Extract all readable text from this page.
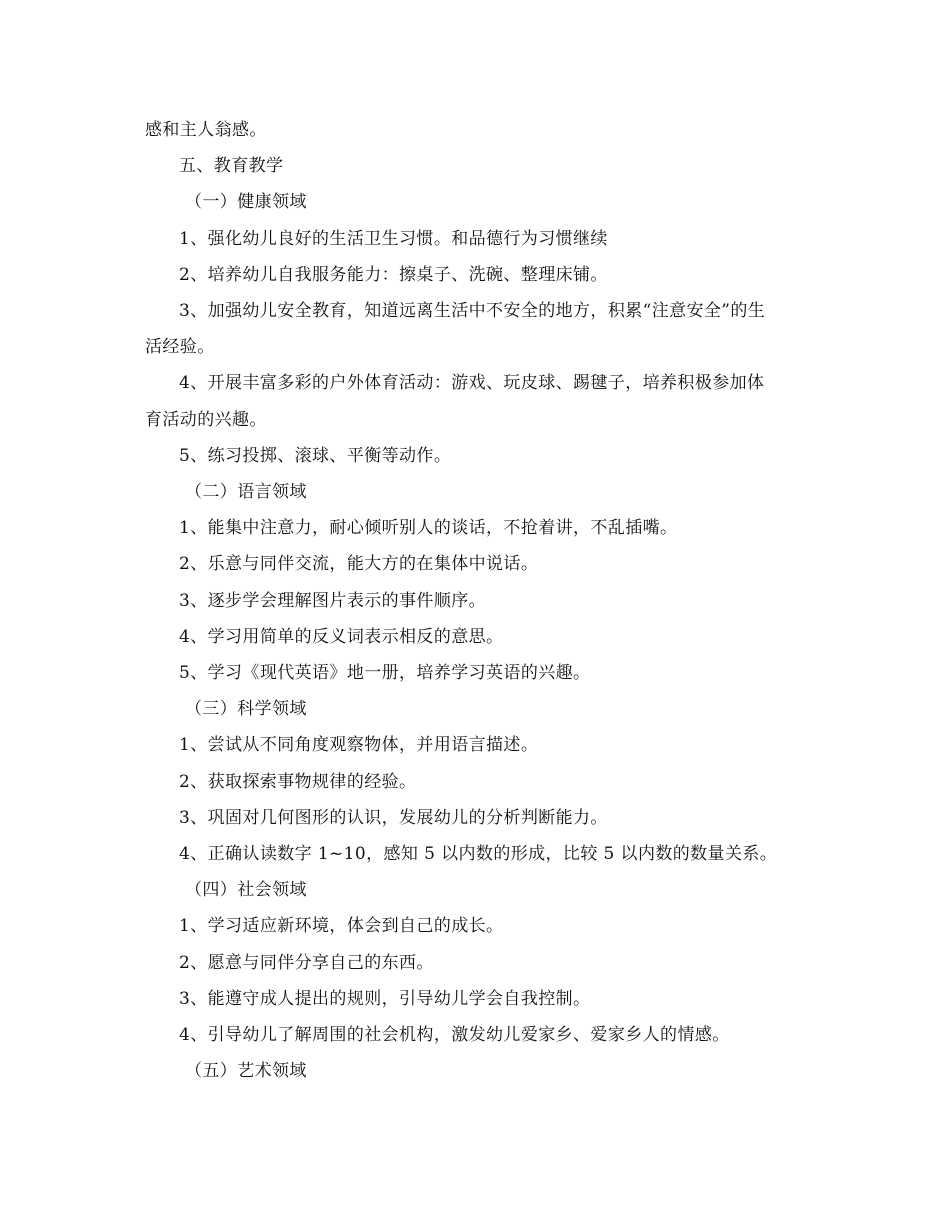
感和主人翁感。
五、教育教学
（一）健康领域
1、强化幼儿良好的生活卫生习惯。和品德行为习惯继续
2、培养幼儿自我服务能力：擦桌子、洗碗、整理床铺。
3、加强幼儿安全教育，知道远离生活中不安全的地方，积累“注意安全”的生
活经验。
4、开展丰富多彩的户外体育活动：游戏、玩皮球、踢毽子，培养积极参加体
育活动的兴趣。
5、练习投掷、滚球、平衡等动作。
（二）语言领域
1、能集中注意力，耐心倾听别人的谈话，不抢着讲，不乱插嘴。
2、乐意与同伴交流，能大方的在集体中说话。
3、逐步学会理解图片表示的事件顺序。
4、学习用简单的反义词表示相反的意思。
5、学习《现代英语》地一册，培养学习英语的兴趣。
（三）科学领域
1、尝试从不同角度观察物体，并用语言描述。
2、获取探索事物规律的经验。
3、巩固对几何图形的认识，发展幼儿的分析判断能力。
4、正确认读数字 1~10，感知 5 以内数的形成，比较 5 以内数的数量关系。
（四）社会领域
1、学习适应新环境，体会到自己的成长。
2、愿意与同伴分享自己的东西。
3、能遵守成人提出的规则，引导幼儿学会自我控制。
4、引导幼儿了解周围的社会机构，激发幼儿爱家乡、爱家乡人的情感。
（五）艺术领域
